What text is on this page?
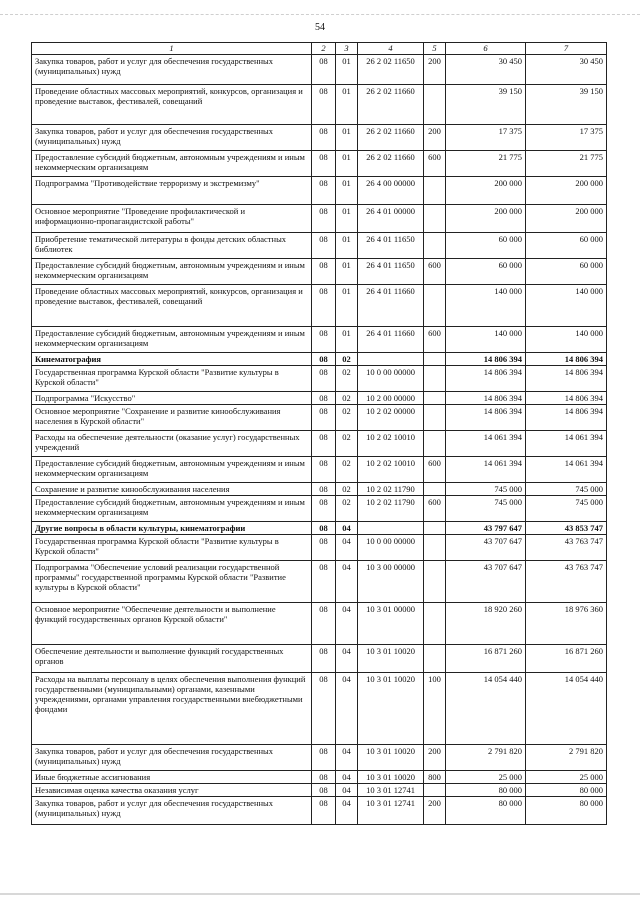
54
1	2	3	4	5	6	7
Закупка товаров, работ и услуг для обеспечения государственных (муниципальных) нужд	08	01	26 2 02 11650	200	30 450	30 450
Проведение областных массовых мероприятий, конкурсов, организация и проведение выставок, фестивалей, совещаний	08	01	26 2 02 11660		39 150	39 150
Закупка товаров, работ и услуг для обеспечения государственных (муниципальных) нужд	08	01	26 2 02 11660	200	17 375	17 375
Предоставление субсидий бюджетным, автономным учреждениям и иным некоммерческим организациям	08	01	26 2 02 11660	600	21 775	21 775
Подпрограмма "Противодействие терроризму и экстремизму"	08	01	26 4 00 00000		200 000	200 000
Основное мероприятие "Проведение профилактической и информационно-пропагандистской работы"	08	01	26 4 01 00000		200 000	200 000
Приобретение тематической литературы в фонды детских областных библиотек	08	01	26 4 01 11650		60 000	60 000
Предоставление субсидий бюджетным, автономным учреждениям и иным некоммерческим организациям	08	01	26 4 01 11650	600	60 000	60 000
Проведение областных массовых мероприятий, конкурсов, организация и проведение выставок, фестивалей, совещаний	08	01	26 4 01 11660		140 000	140 000
Предоставление субсидий бюджетным, автономным учреждениям и иным некоммерческим организациям	08	01	26 4 01 11660	600	140 000	140 000
Кинематография	08	02			14 806 394	14 806 394
Государственная программа Курской области "Развитие культуры в Курской области"	08	02	10 0 00 00000		14 806 394	14 806 394
Подпрограмма "Искусство"	08	02	10 2 00 00000		14 806 394	14 806 394
Основное мероприятие "Сохранение и развитие кинообслуживания населения в Курской области"	08	02	10 2 02 00000		14 806 394	14 806 394
Расходы на обеспечение деятельности (оказание услуг) государственных учреждений	08	02	10 2 02 10010		14 061 394	14 061 394
Предоставление субсидий бюджетным, автономным учреждениям и иным некоммерческим организациям	08	02	10 2 02 10010	600	14 061 394	14 061 394
Сохранение и развитие кинообслуживания населения	08	02	10 2 02 11790		745 000	745 000
Предоставление субсидий бюджетным, автономным учреждениям и иным некоммерческим организациям	08	02	10 2 02 11790	600	745 000	745 000
Другие вопросы в области культуры, кинематографии	08	04			43 797 647	43 853 747
Государственная программа Курской области "Развитие культуры в Курской области"	08	04	10 0 00 00000		43 707 647	43 763 747
Подпрограмма "Обеспечение условий реализации государственной программы" государственной программы Курской области "Развитие культуры в Курской области"	08	04	10 3 00 00000		43 707 647	43 763 747
Основное мероприятие "Обеспечение деятельности и выполнение функций государственных органов Курской области"	08	04	10 3 01 00000		18 920 260	18 976 360
Обеспечение деятельности и выполнение функций государственных органов	08	04	10 3 01 10020		16 871 260	16 871 260
Расходы на выплаты персоналу в целях обеспечения выполнения функций государственными (муниципальными) органами, казенными учреждениями, органами управления государственными внебюджетными фондами	08	04	10 3 01 10020	100	14 054 440	14 054 440
Закупка товаров, работ и услуг для обеспечения государственных (муниципальных) нужд	08	04	10 3 01 10020	200	2 791 820	2 791 820
Иные бюджетные ассигнования	08	04	10 3 01 10020	800	25 000	25 000
Независимая оценка качества оказания услуг	08	04	10 3 01 12741		80 000	80 000
Закупка товаров, работ и услуг для обеспечения государственных (муниципальных) нужд	08	04	10 3 01 12741	200	80 000	80 000
